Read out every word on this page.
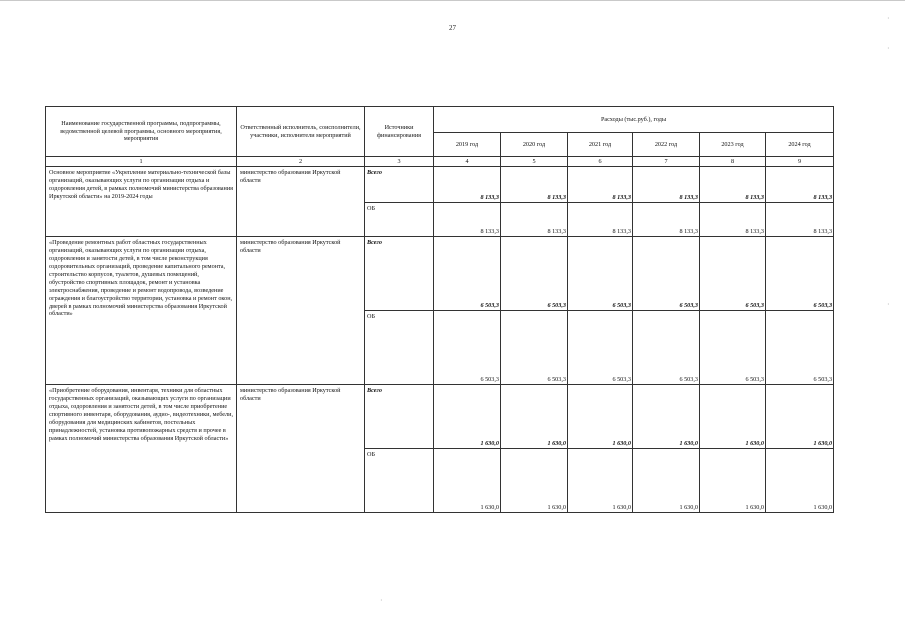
27
Наименование государственной программы, подпрограммы, ведомственной целевой программы, основного мероприятия, мероприятия	Ответственный исполнитель, соисполнители, участники, исполнители мероприятий	Источники финансирования	Расходы (тыс.руб.), годы					
			2019 год	2020 год	2021 год	2022 год	2023 год	2024 год
1	2	3	4	5	6	7	8	9
Основное мероприятие «Укрепление материально-технической базы организаций, оказывающих услуги по организации отдыха и оздоровления детей, в рамках полномочий министерства образования Иркутской области» на 2019-2024 годы	министерство образования Иркутской области	Всего	8 133,3	8 133,3	8 133,3	8 133,3	8 133,3	8 133,3
		ОБ	8 133,3	8 133,3	8 133,3	8 133,3	8 133,3	8 133,3
«Проведение ремонтных работ областных государственных организаций, оказывающих услуги по организации отдыха, оздоровления и занятости детей, в том числе реконструкция оздоровительных организаций, проведение капитального ремонта, строительство корпусов, туалетов, душевых помещений, обустройство спортивных площадок, ремонт и установка электроснабжения, проведение и ремонт водопровода, возведение ограждения и благоустройство территории, установка и ремонт окон, дверей в рамках полномочий министерства образования Иркутской области»	министерство образования Иркутской области	Всего	6 503,3	6 503,3	6 503,3	6 503,3	6 503,3	6 503,3
		ОБ	6 503,3	6 503,3	6 503,3	6 503,3	6 503,3	6 503,3
«Приобретение оборудования, инвентаря, техники для областных государственных организаций, оказывающих услуги по организации отдыха, оздоровления и занятости детей, в том числе приобретение спортивного инвентаря, оборудования, аудио-, видеотехники, мебели, оборудования для медицинских кабинетов, постельных принадлежностей, установка противопожарных средств и прочее в рамках полномочий министерства образования Иркутской области»	министерство образования Иркутской области	Всего	1 630,0	1 630,0	1 630,0	1 630,0	1 630,0	1 630,0
		ОБ	1 630,0	1 630,0	1 630,0	1 630,0	1 630,0	1 630,0
·
·
·
·
